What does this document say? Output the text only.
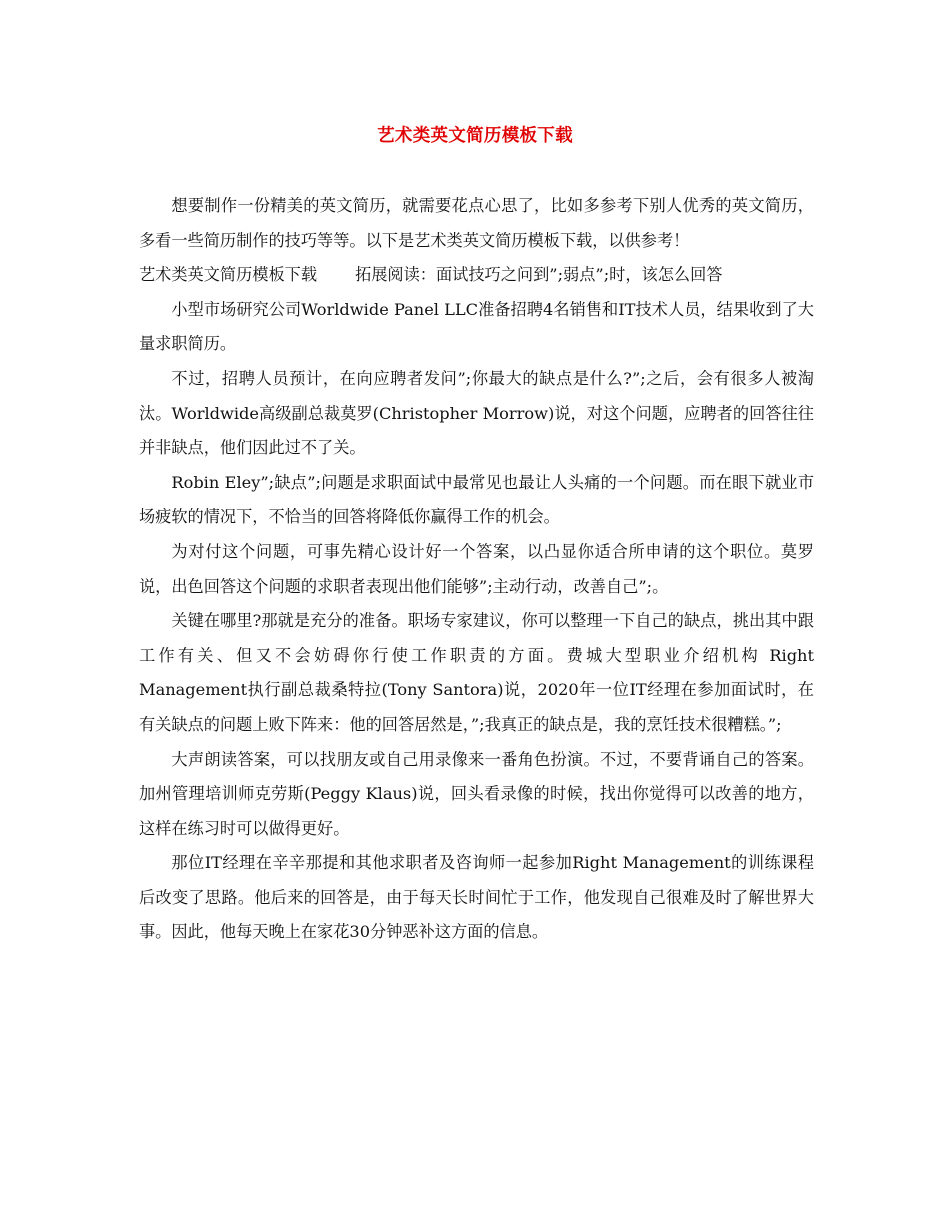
艺术类英文简历模板下载

想要制作一份精美的英文简历，就需要花点心思了，比如多参考下别人优秀的英文简历，多看一些简历制作的技巧等等。以下是艺术类英文简历模板下载，以供参考！

艺术类英文简历模板下载 拓展阅读：面试技巧之问到”;弱点”;时，该怎么回答

小型市场研究公司Worldwide Panel LLC准备招聘4名销售和IT技术人员，结果收到了大量求职简历。

不过，招聘人员预计，在向应聘者发问”;你最大的缺点是什么?”;之后，会有很多人被淘汰。Worldwide高级副总裁莫罗(Christopher Morrow)说，对这个问题，应聘者的回答往往并非缺点，他们因此过不了关。

Robin Eley”;缺点”;问题是求职面试中最常见也最让人头痛的一个问题。而在眼下就业市场疲软的情况下，不恰当的回答将降低你赢得工作的机会。

为对付这个问题，可事先精心设计好一个答案，以凸显你适合所申请的这个职位。莫罗说，出色回答这个问题的求职者表现出他们能够”;主动行动，改善自己”;。

关键在哪里?那就是充分的准备。职场专家建议，你可以整理一下自己的缺点，挑出其中跟工作有关、但又不会妨碍你行使工作职责的方面。费城大型职业介绍机构 Right Management执行副总裁桑特拉(Tony Santora)说，2020年一位IT经理在参加面试时，在有关缺点的问题上败下阵来：他的回答居然是，”;我真正的缺点是，我的烹饪技术很糟糕。”;

大声朗读答案，可以找朋友或自己用录像来一番角色扮演。不过，不要背诵自己的答案。加州管理培训师克劳斯(Peggy Klaus)说，回头看录像的时候，找出你觉得可以改善的地方，这样在练习时可以做得更好。

那位IT经理在辛辛那提和其他求职者及咨询师一起参加Right Management的训练课程后改变了思路。他后来的回答是，由于每天长时间忙于工作，他发现自己很难及时了解世界大事。因此，他每天晚上在家花30分钟恶补这方面的信息。
